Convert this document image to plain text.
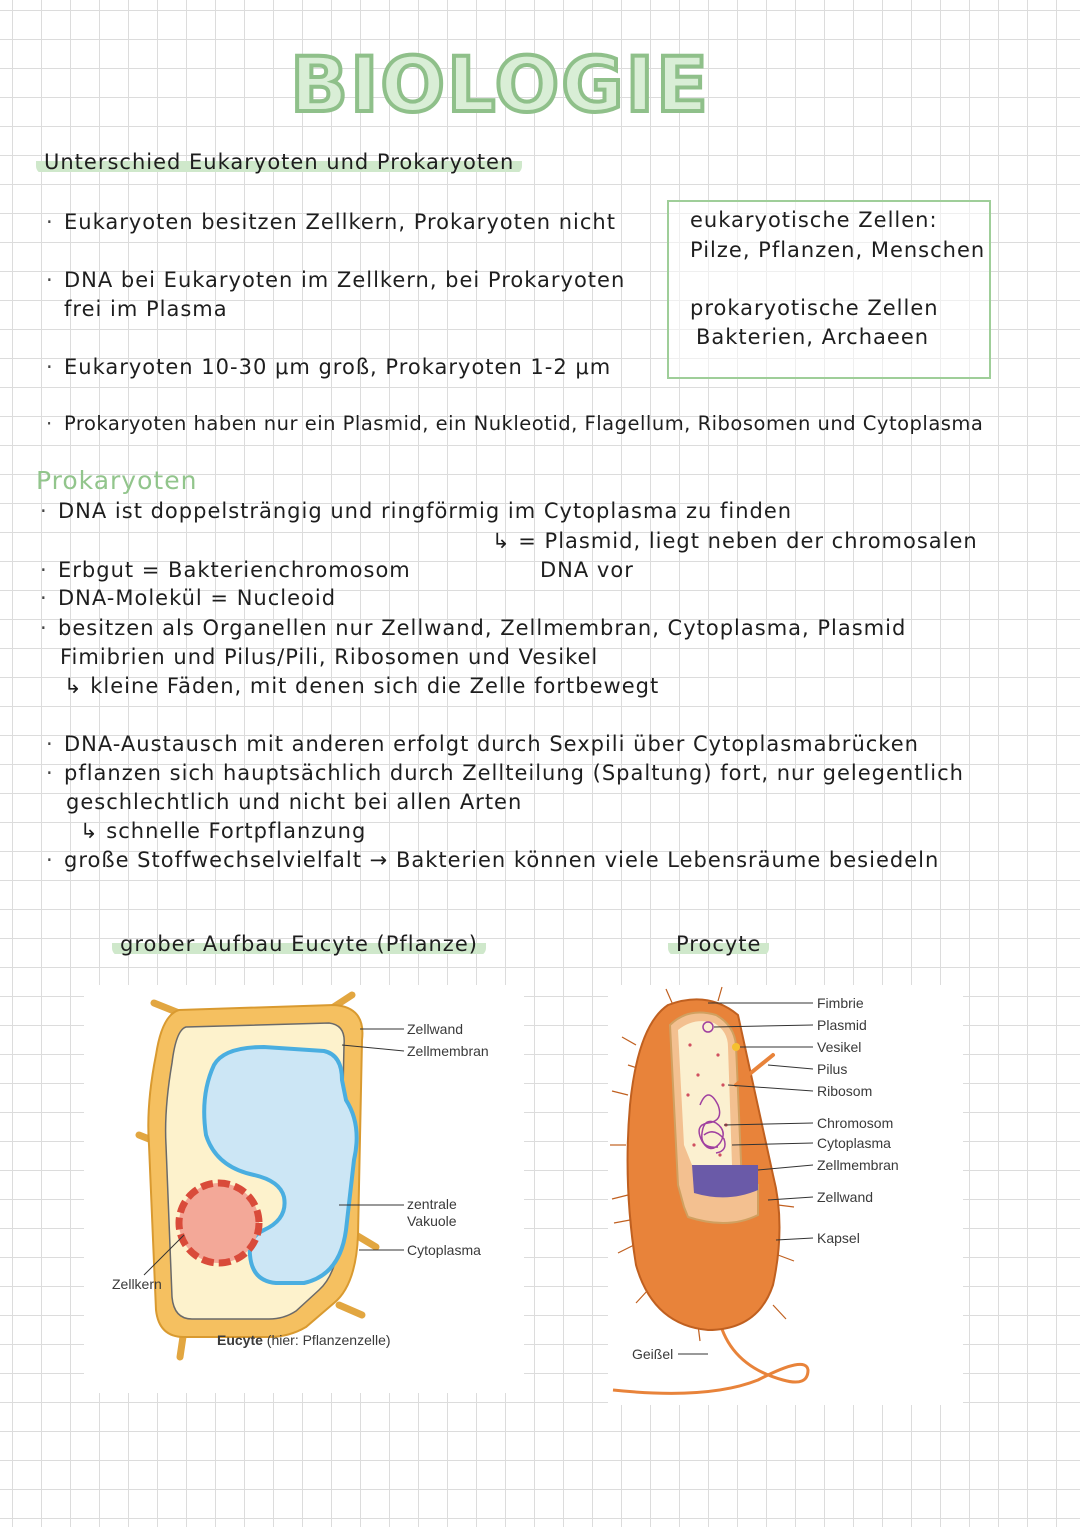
BIOLOGIE
Unterschied Eukaryoten und Prokaryoten
· Eukaryoten besitzen Zellkern, Prokaryoten nicht
· DNA bei Eukaryoten im Zellkern, bei Prokaryoten
frei im Plasma
· Eukaryoten 10-30 μm groß, Prokaryoten 1-2 μm
· Prokaryoten haben nur ein Plasmid, ein Nukleotid, Flagellum, Ribosomen und Cytoplasma
eukaryotische Zellen:
Pilze, Pflanzen, Menschen
prokaryotische Zellen
Bakterien, Archaeen
Prokaryoten
· DNA ist doppelsträngig und ringförmig im Cytoplasma zu finden
↳ = Plasmid, liegt neben der chromosalen
· Erbgut = Bakterienchromosom	DNA vor
· DNA-Molekül = Nucleoid
· besitzen als Organellen nur Zellwand, Zellmembran, Cytoplasma, Plasmid
Fimibrien und Pilus/Pili, Ribosomen und Vesikel
↳ kleine Fäden, mit denen sich die Zelle fortbewegt
· DNA-Austausch mit anderen erfolgt durch Sexpili über Cytoplasmabrücken
· pflanzen sich hauptsächlich durch Zellteilung (Spaltung) fort, nur gelegentlich
geschlechtlich und nicht bei allen Arten
↳ schnelle Fortpflanzung
· große Stoffwechselvielfalt → Bakterien können viele Lebensräume besiedeln
grober Aufbau Eucyte (Pflanze)	Procyte
Zellwand
Zellmembran
zentrale
Vakuole
Cytoplasma
Zellkern
Eucyte (hier: Pflanzenzelle)
Fimbrie
Plasmid
Vesikel
Pilus
Ribosom
Chromosom
Cytoplasma
Zellmembran
Zellwand
Kapsel
Geißel
